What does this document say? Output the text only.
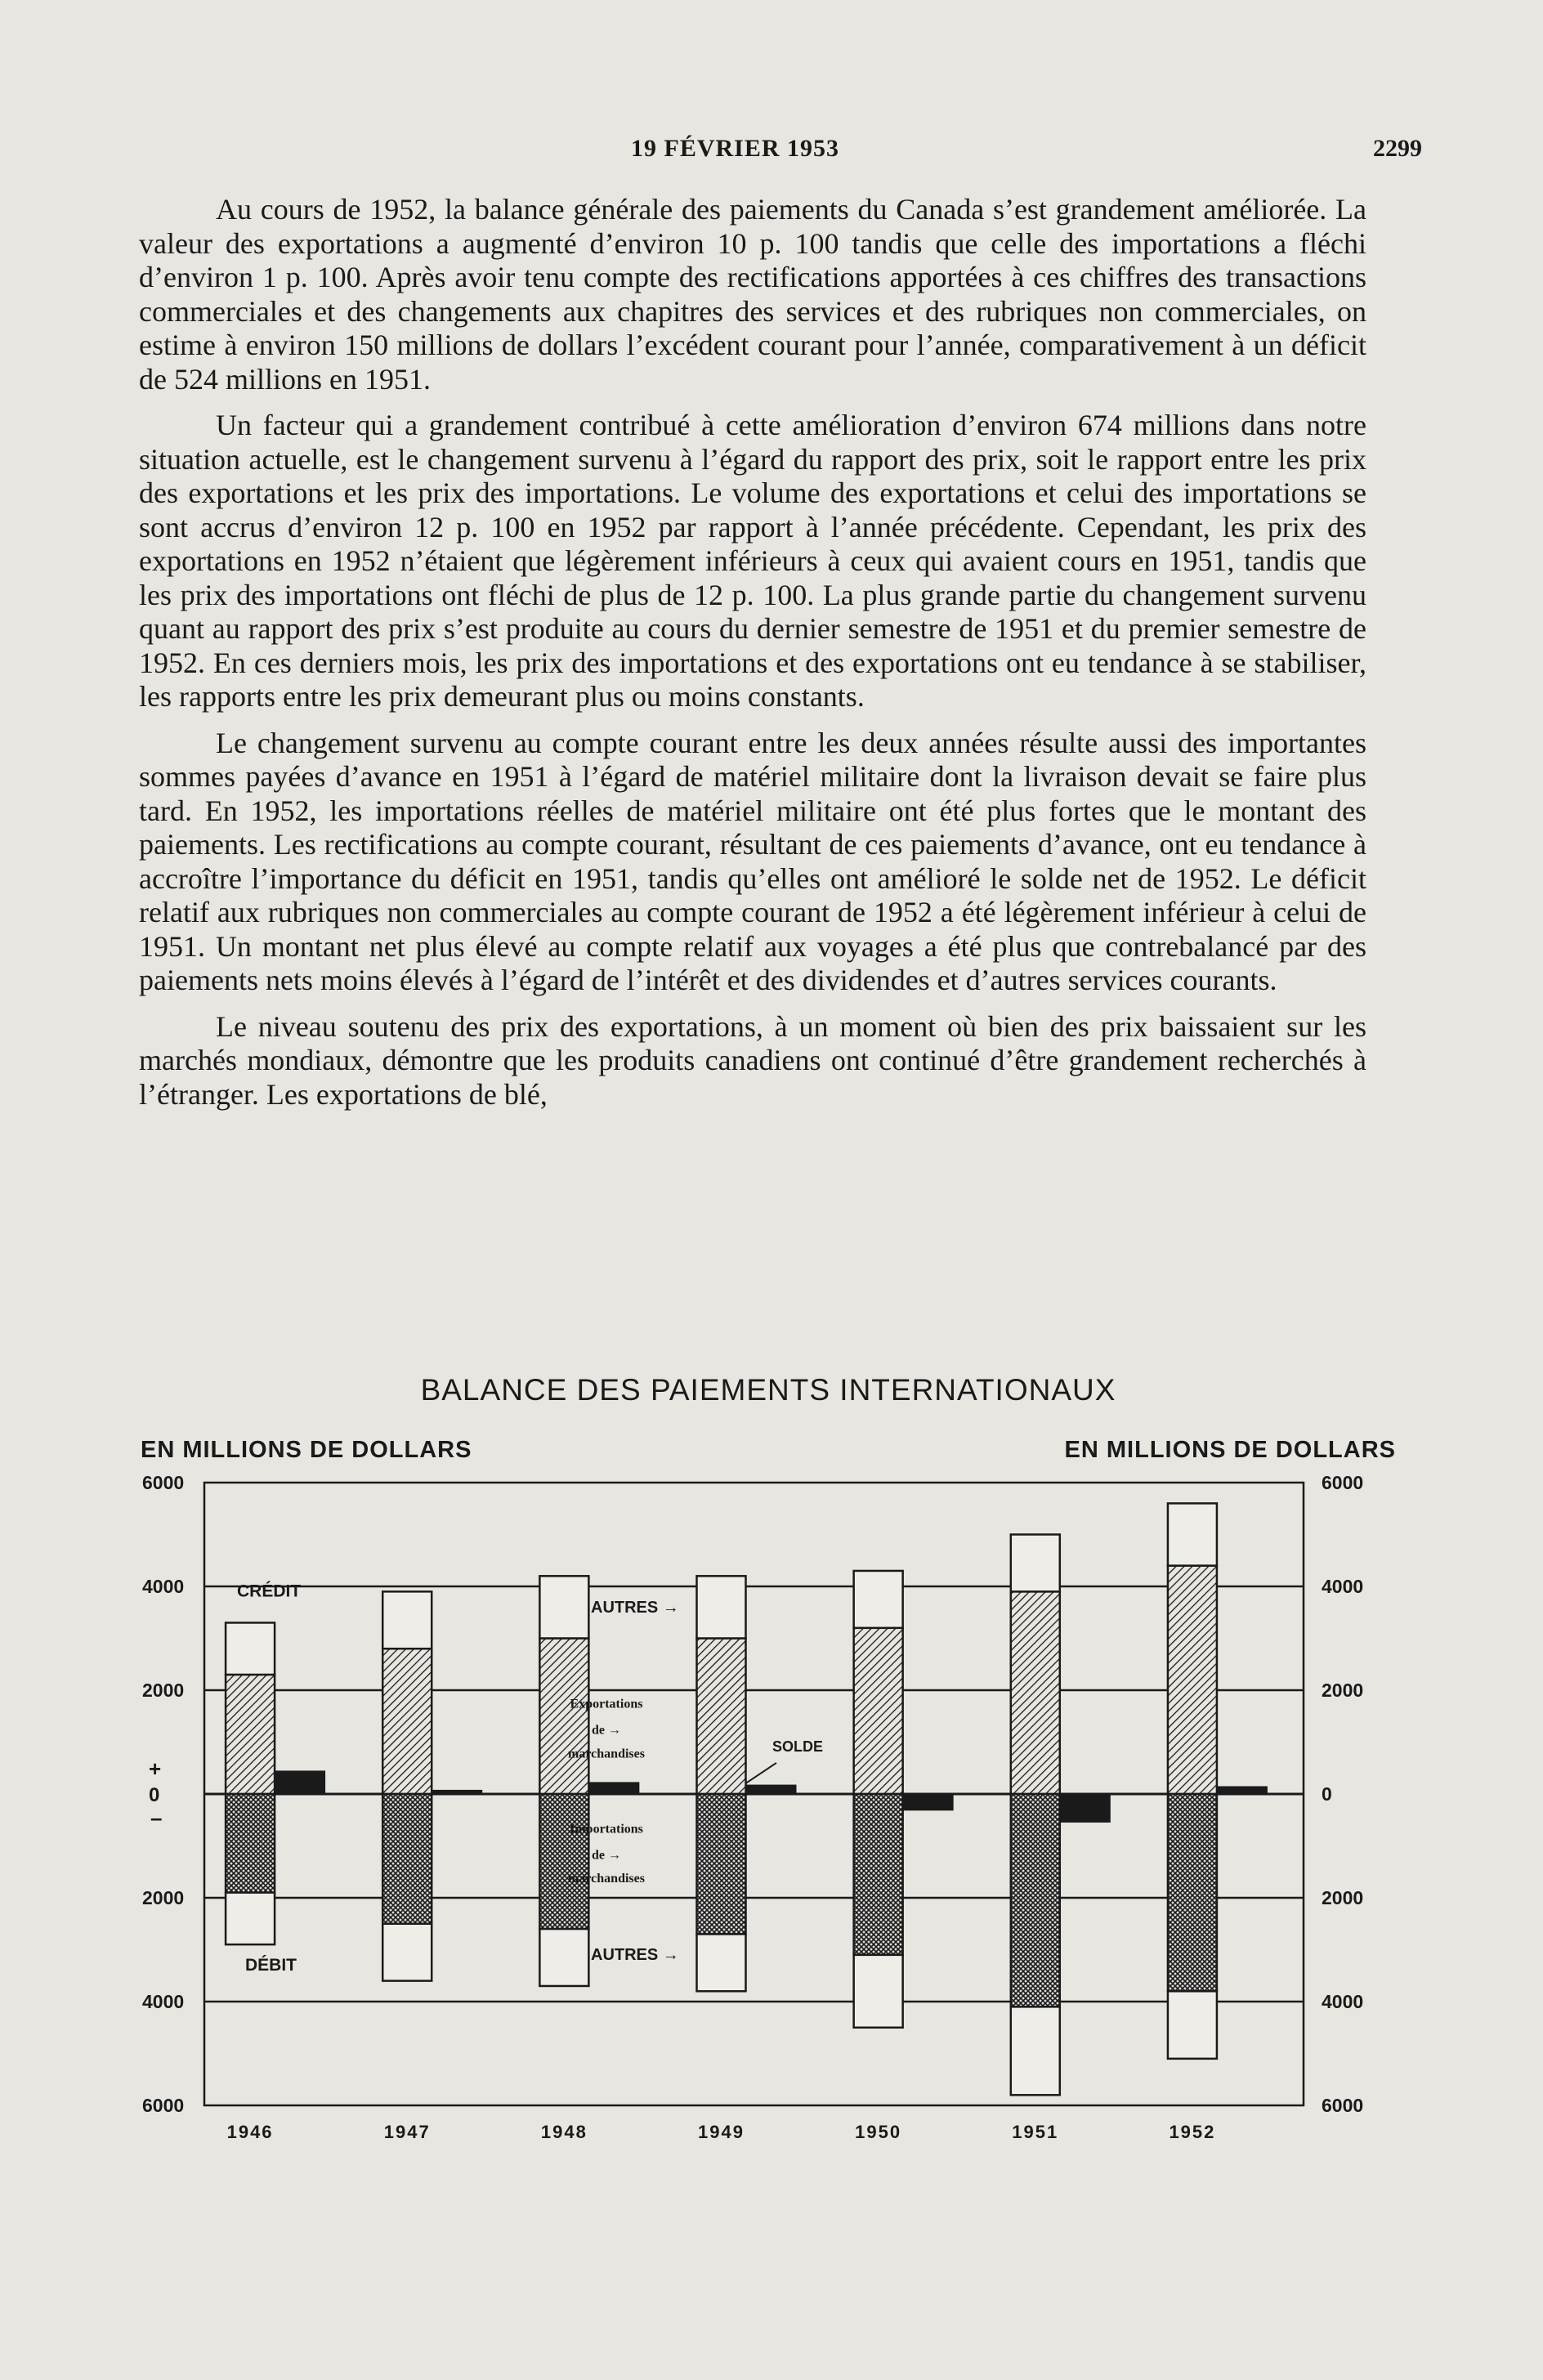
19 FÉVRIER 1953	2299

Au cours de 1952, la balance générale des paiements du Canada s’est grandement améliorée. La valeur des exportations a augmenté d’environ 10 p. 100 tandis que celle des importations a fléchi d’environ 1 p. 100. Après avoir tenu compte des rectifications apportées à ces chiffres des transactions commerciales et des changements aux chapitres des services et des rubriques non commerciales, on estime à environ 150 millions de dollars l’excédent courant pour l’année, comparativement à un déficit de 524 millions en 1951.

Un facteur qui a grandement contribué à cette amélioration d’environ 674 millions dans notre situation actuelle, est le changement survenu à l’égard du rapport des prix, soit le rapport entre les prix des exportations et les prix des importations. Le volume des exportations et celui des importations se sont accrus d’environ 12 p. 100 en 1952 par rapport à l’année précédente. Cependant, les prix des exportations en 1952 n’étaient que légèrement inférieurs à ceux qui avaient cours en 1951, tandis que les prix des importations ont fléchi de plus de 12 p. 100. La plus grande partie du changement survenu quant au rapport des prix s’est produite au cours du dernier semestre de 1951 et du premier semestre de 1952. En ces derniers mois, les prix des importations et des exportations ont eu tendance à se stabiliser, les rapports entre les prix demeurant plus ou moins constants.

Le changement survenu au compte courant entre les deux années résulte aussi des importantes sommes payées d’avance en 1951 à l’égard de matériel militaire dont la livraison devait se faire plus tard. En 1952, les importations réelles de matériel militaire ont été plus fortes que le montant des paiements. Les rectifications au compte courant, résultant de ces paiements d’avance, ont eu tendance à accroître l’importance du déficit en 1951, tandis qu’elles ont amélioré le solde net de 1952. Le déficit relatif aux rubriques non commerciales au compte courant de 1952 a été légèrement inférieur à celui de 1951. Un montant net plus élevé au compte relatif aux voyages a été plus que contrebalancé par des paiements nets moins élevés à l’égard de l’intérêt et des dividendes et d’autres services courants.

Le niveau soutenu des prix des exportations, à un moment où bien des prix baissaient sur les marchés mondiaux, démontre que les produits canadiens ont continué d’être grandement recherchés à l’étranger. Les exportations de blé,

BALANCE DES PAIEMENTS INTERNATIONAUX
EN MILLIONS DE DOLLARS	EN MILLIONS DE DOLLARS
6000
4000
2000
2000
4000
6000
+
0
–
6000
4000
2000
0
2000
4000
6000
1946	1947	1948	1949	1950	1951	1952
CRÉDIT
DÉBIT
AUTRES →
AUTRES →
Exportations
de →
marchandises
Importations
de →
marchandises
SOLDE
